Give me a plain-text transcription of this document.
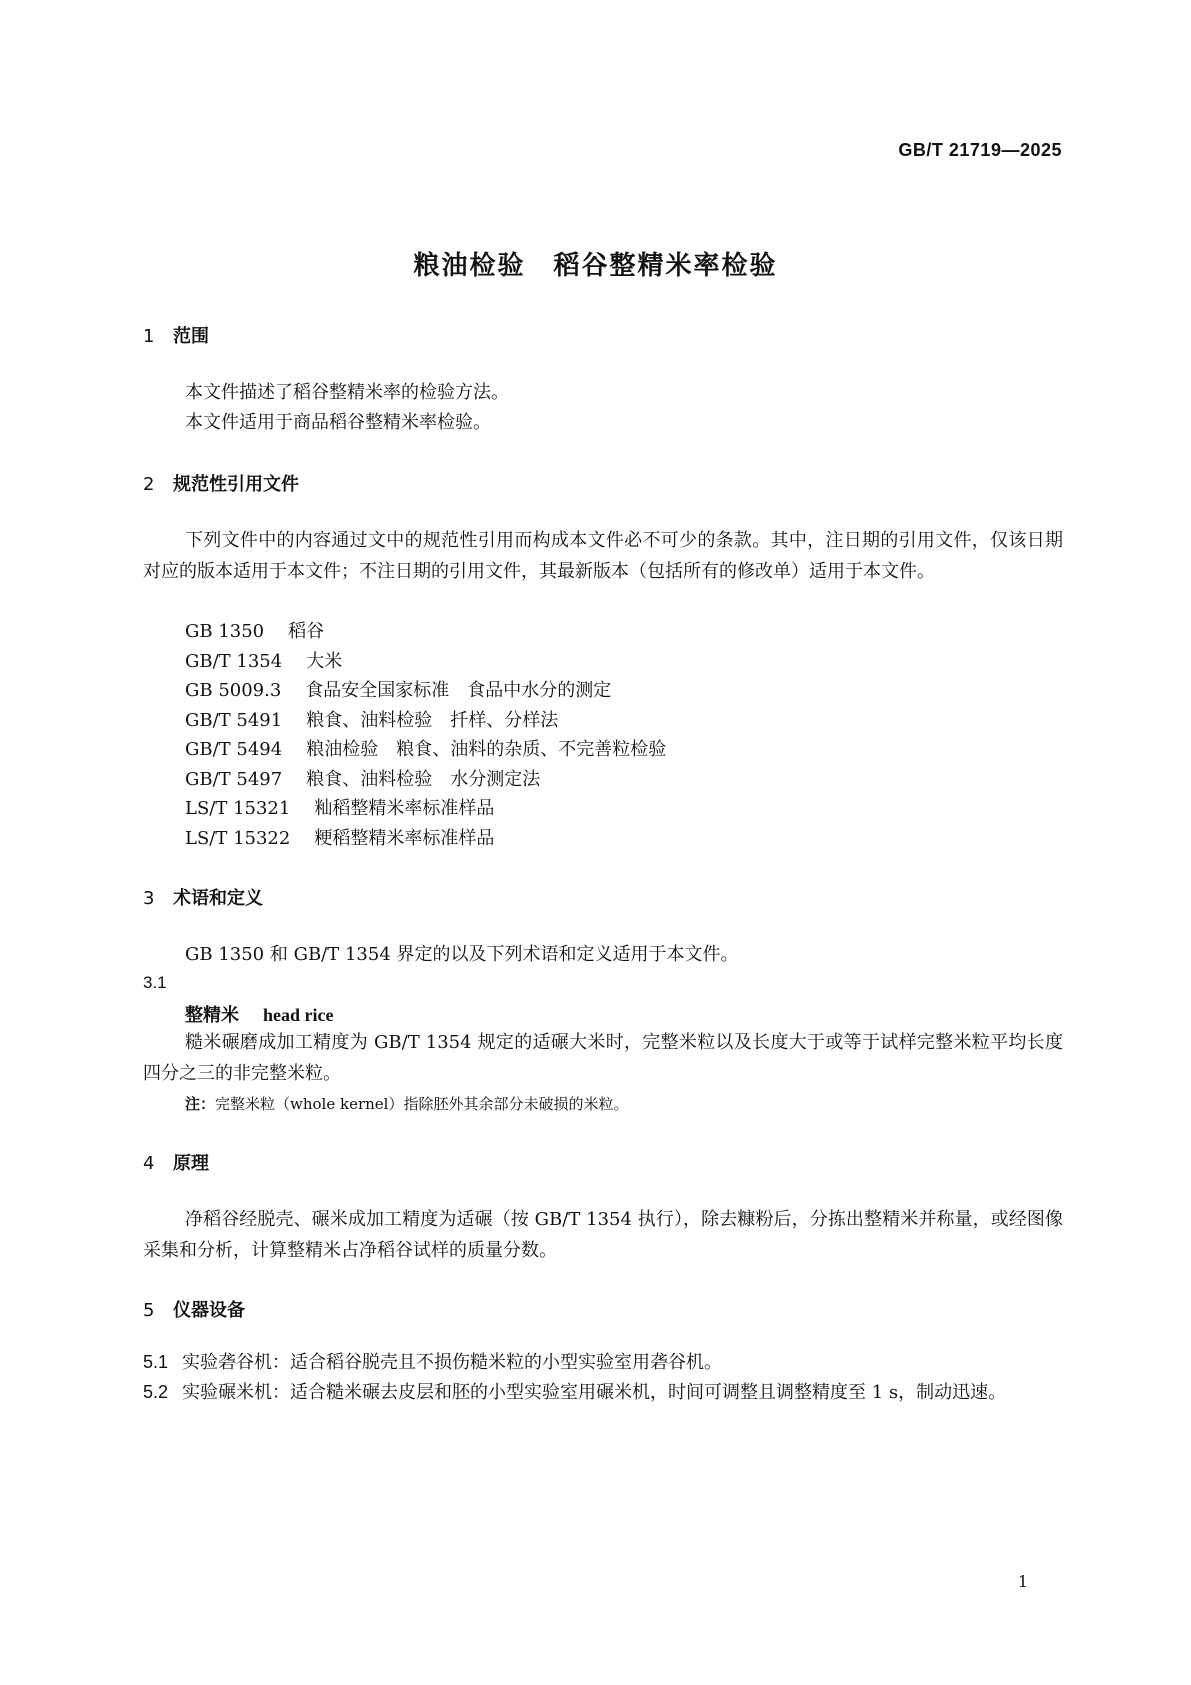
GB/T 21719—2025
粮油检验　稻谷整精米率检验
1 范围
本文件描述了稻谷整精米率的检验方法。
本文件适用于商品稻谷整精米率检验。
2 规范性引用文件
下列文件中的内容通过文中的规范性引用而构成本文件必不可少的条款。其中，注日期的引用文件，仅该日期对应的版本适用于本文件；不注日期的引用文件，其最新版本（包括所有的修改单）适用于本文件。
GB 1350 稻谷
GB/T 1354 大米
GB 5009.3 食品安全国家标准　食品中水分的测定
GB/T 5491 粮食、油料检验　扦样、分样法
GB/T 5494 粮油检验　粮食、油料的杂质、不完善粒检验
GB/T 5497 粮食、油料检验　水分测定法
LS/T 15321 籼稻整精米率标准样品
LS/T 15322 粳稻整精米率标准样品
3 术语和定义
GB 1350 和 GB/T 1354 界定的以及下列术语和定义适用于本文件。
3.1
整精米 head rice
糙米碾磨成加工精度为 GB/T 1354 规定的适碾大米时，完整米粒以及长度大于或等于试样完整米粒平均长度四分之三的非完整米粒。
注：完整米粒（whole kernel）指除胚外其余部分未破损的米粒。
4 原理
净稻谷经脱壳、碾米成加工精度为适碾（按 GB/T 1354 执行），除去糠粉后，分拣出整精米并称量，或经图像采集和分析，计算整精米占净稻谷试样的质量分数。
5 仪器设备
5.1 实验砻谷机：适合稻谷脱壳且不损伤糙米粒的小型实验室用砻谷机。
5.2 实验碾米机：适合糙米碾去皮层和胚的小型实验室用碾米机，时间可调整且调整精度至 1 s，制动迅速。
1
